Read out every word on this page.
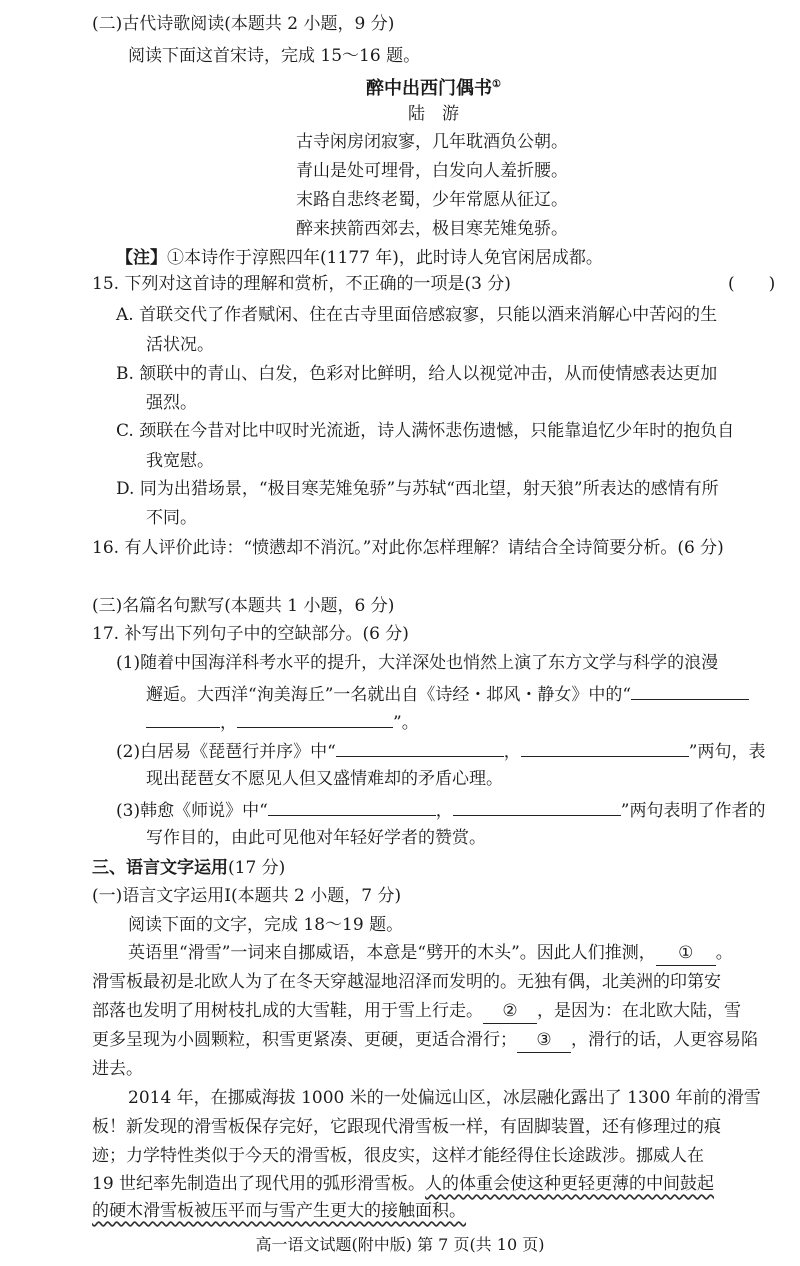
(二)古代诗歌阅读(本题共 2 小题，9 分)
阅读下面这首宋诗，完成 15～16 题。
醉中出西门偶书①
陆　游
古寺闲房闭寂寥，几年耽酒负公朝。
青山是处可埋骨，白发向人羞折腰。
末路自悲终老蜀，少年常愿从征辽。
醉来挟箭西郊去，极目寒芜雉兔骄。
【注】①本诗作于淳熙四年(1177 年)，此时诗人免官闲居成都。
15. 下列对这首诗的理解和赏析，不正确的一项是(3 分)	(　　)
A. 首联交代了作者赋闲、住在古寺里面倍感寂寥，只能以酒来消解心中苦闷的生
活状况。
B. 颔联中的青山、白发，色彩对比鲜明，给人以视觉冲击，从而使情感表达更加
强烈。
C. 颈联在今昔对比中叹时光流逝，诗人满怀悲伤遗憾，只能靠追忆少年时的抱负自
我宽慰。
D. 同为出猎场景，“极目寒芜雉兔骄”与苏轼“西北望，射天狼”所表达的感情有所
不同。
16. 有人评价此诗：“愤懑却不消沉。”对此你怎样理解？请结合全诗简要分析。(6 分)
(三)名篇名句默写(本题共 1 小题，6 分)
17. 补写出下列句子中的空缺部分。(6 分)
(1)随着中国海洋科考水平的提升，大洋深处也悄然上演了东方文学与科学的浪漫
邂逅。大西洋“洵美海丘”一名就出自《诗经・邶风・静女》中的“
，	”。
(2)白居易《琵琶行并序》中“	，	”两句，表
现出琵琶女不愿见人但又盛情难却的矛盾心理。
(3)韩愈《师说》中“	，	”两句表明了作者的
写作目的，由此可见他对年轻好学者的赞赏。
三、语言文字运用(17 分)
(一)语言文字运用Ⅰ(本题共 2 小题，7 分)
阅读下面的文字，完成 18～19 题。
英语里“滑雪”一词来自挪威语，本意是“劈开的木头”。因此人们推测， ① 。
滑雪板最初是北欧人为了在冬天穿越湿地沼泽而发明的。无独有偶，北美洲的印第安
部落也发明了用树枝扎成的大雪鞋，用于雪上行走。 ② ，是因为：在北欧大陆，雪
更多呈现为小圆颗粒，积雪更紧凑、更硬，更适合滑行； ③ ，滑行的话，人更容易陷
进去。
2014 年，在挪威海拔 1000 米的一处偏远山区，冰层融化露出了 1300 年前的滑雪
板！新发现的滑雪板保存完好，它跟现代滑雪板一样，有固脚装置，还有修理过的痕
迹；力学特性类似于今天的滑雪板，很皮实，这样才能经得住长途跋涉。挪威人在
19 世纪率先制造出了现代用的弧形滑雪板。人的体重会使这种更轻更薄的中间鼓起
的硬木滑雪板被压平而与雪产生更大的接触面积。
高一语文试题(附中版) 第 7 页(共 10 页)
